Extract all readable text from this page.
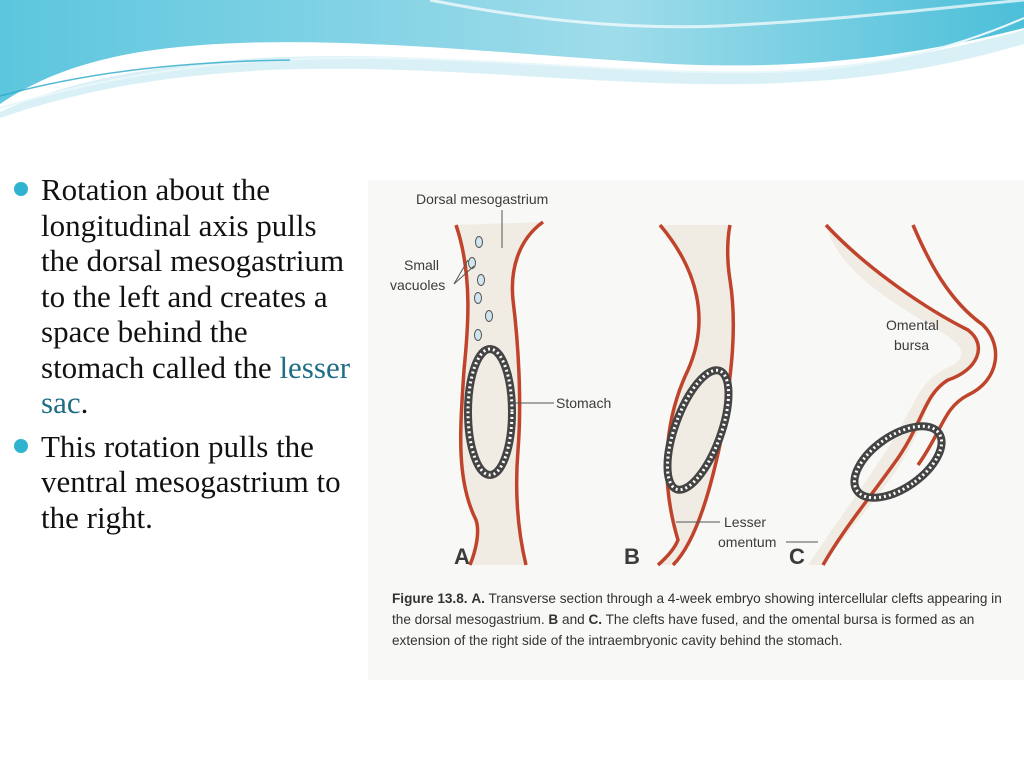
Rotation about the longitudinal axis pulls the dorsal mesogastrium to the left and creates a space behind the stomach called the lesser sac.
This rotation pulls the ventral mesogastrium to the right.
Dorsal mesogastrium
Small
vacuoles
Stomach
Omental
bursa
Lesser
omentum
A	B	C
Figure 13.8. A. Transverse section through a 4-week embryo showing intercellular clefts appearing in the dorsal mesogastrium. B and C. The clefts have fused, and the omental bursa is formed as an extension of the right side of the intraembryonic cavity behind the stomach.
